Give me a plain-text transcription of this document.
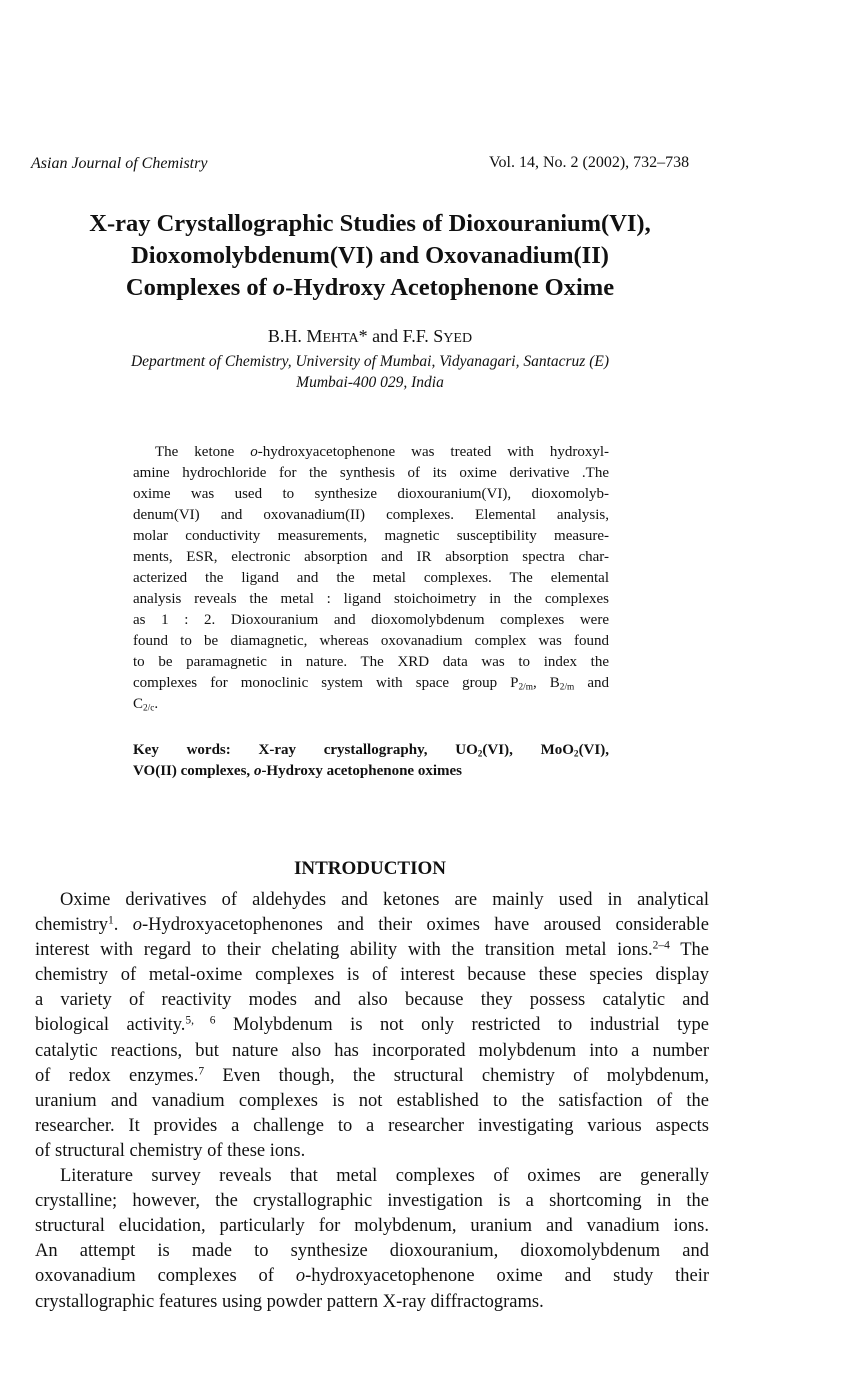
Asian Journal of Chemistry	Vol. 14, No. 2 (2002), 732–738
X-ray Crystallographic Studies of Dioxouranium(VI),
Dioxomolybdenum(VI) and Oxovanadium(II)
Complexes of o-Hydroxy Acetophenone Oxime
B.H. MEHTA* and F.F. SYED
Department of Chemistry, University of Mumbai, Vidyanagari, Santacruz (E)
Mumbai-400 029, India
The ketone o-hydroxyacetophenone was treated with hydroxyl-
amine hydrochloride for the synthesis of its oxime derivative .The
oxime was used to synthesize dioxouranium(VI), dioxomolyb-
denum(VI) and oxovanadium(II) complexes. Elemental analysis,
molar conductivity measurements, magnetic susceptibility measure-
ments, ESR, electronic absorption and IR absorption spectra char-
acterized the ligand and the metal complexes. The elemental
analysis reveals the metal : ligand stoichoimetry in the complexes
as 1 : 2. Dioxouranium and dioxomolybdenum complexes were
found to be diamagnetic, whereas oxovanadium complex was found
to be paramagnetic in nature. The XRD data was to index the
complexes for monoclinic system with space group $P_{2/m}$, $B_{2/m}$ and
$C_{2/c}$.
Key words: X-ray crystallography, $UO_2(VI)$, MoO$_2$(VI),
VO(II) complexes, o-Hydroxy acetophenone oximes
INTRODUCTION
Oxime derivatives of aldehydes and ketones are mainly used in analytical
chemistry$^1$. o-Hydroxyacetophenones and their oximes have aroused considerable
interest with regard to their chelating ability with the transition metal ions.$^{2-4}$ The
chemistry of metal-oxime complexes is of interest because these species display
a variety of reactivity modes and also because they possess catalytic and
biological activity.$^{5, 6}$ Molybdenum is not only restricted to industrial type
catalytic reactions, but nature also has incorporated molybdenum into a number
of redox enzymes.$^7$ Even though, the structural chemistry of molybdenum,
uranium and vanadium complexes is not established to the satisfaction of the
researcher. It provides a challenge to a researcher investigating various aspects
of structural chemistry of these ions.
Literature survey reveals that metal complexes of oximes are generally
crystalline; however, the crystallographic investigation is a shortcoming in the
structural elucidation, particularly for molybdenum, uranium and vanadium ions.
An attempt is made to synthesize dioxouranium, dioxomolybdenum and
oxovanadium complexes of o-hydroxyacetophenone oxime and study their
crystallographic features using powder pattern X-ray diffractograms.
